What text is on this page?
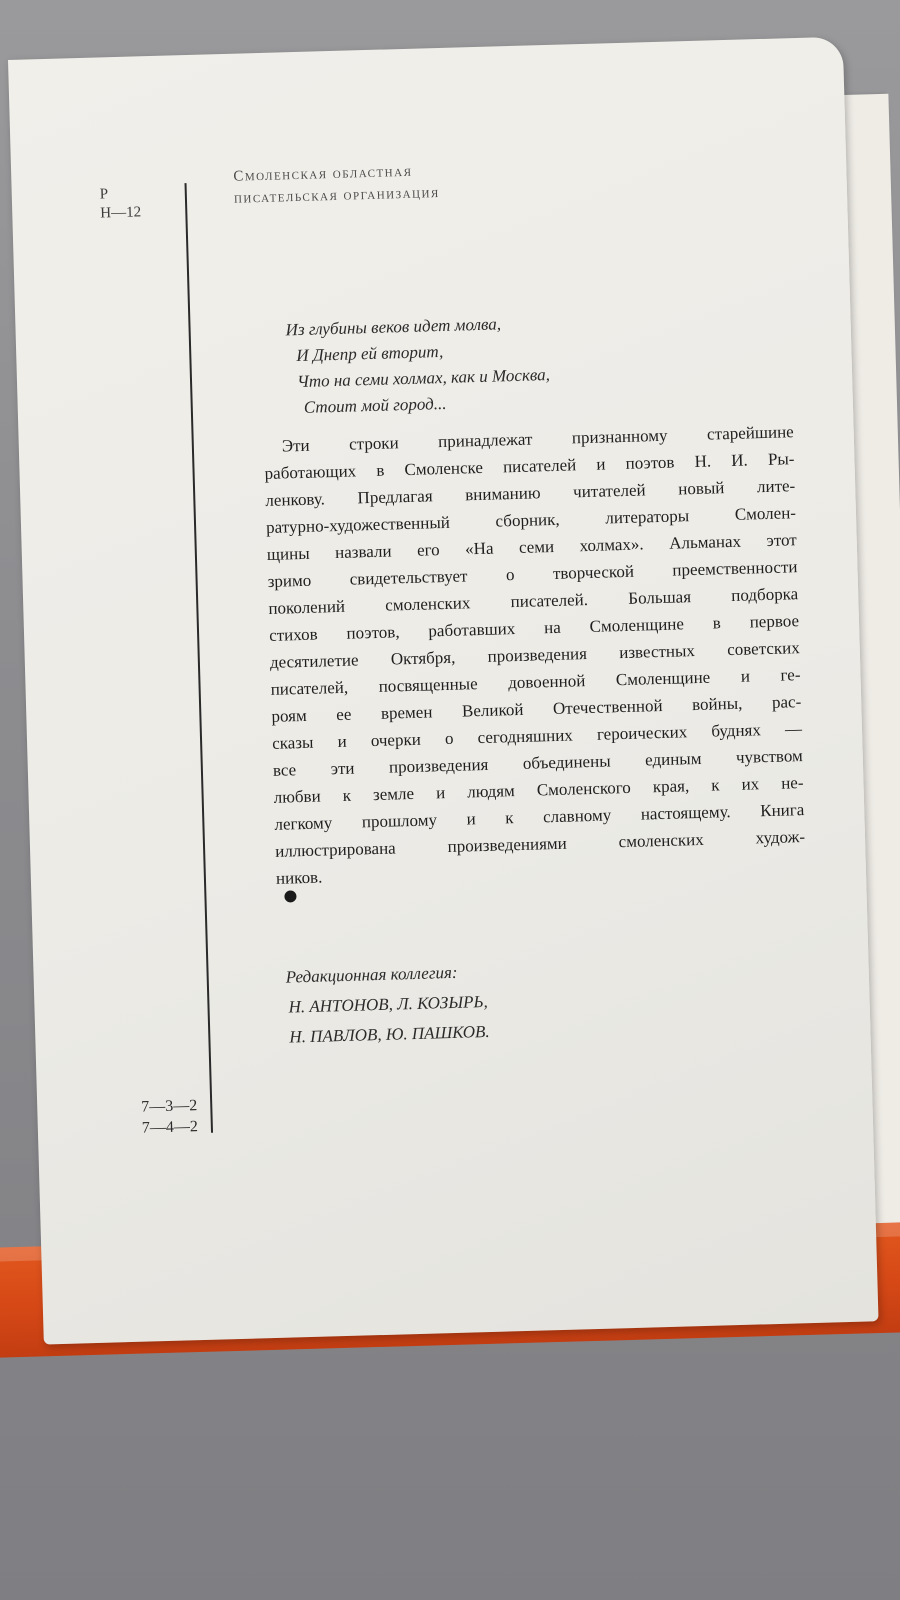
Смоленская областная
писательская организация
Р
Н—12
Из глубины веков идет молва,
И Днепр ей вторит,
Что на семи холмах, как и Москва,
Стоит мой город...
Эти строки принадлежат признанному старейшине
работающих в Смоленске писателей и поэтов Н. И. Ры-
ленкову. Предлагая вниманию читателей новый лите-
ратурно-художественный сборник, литераторы Смолен-
щины назвали его «На семи холмах». Альманах этот
зримо свидетельствует о творческой преемственности
поколений смоленских писателей. Большая подборка
стихов поэтов, работавших на Смоленщине в первое
десятилетие Октября, произведения известных советских
писателей, посвященные довоенной Смоленщине и ге-
роям ее времен Великой Отечественной войны, рас-
сказы и очерки о сегодняшних героических буднях —
все эти произведения объединены единым чувством
любви к земле и людям Смоленского края, к их не-
легкому прошлому и к славному настоящему. Книга
иллюстрирована произведениями смоленских худож-
ников.
Редакционная коллегия:
Н. АНТОНОВ, Л. КОЗЫРЬ,
Н. ПАВЛОВ, Ю. ПАШКОВ.
7—3—2
7—4—2
